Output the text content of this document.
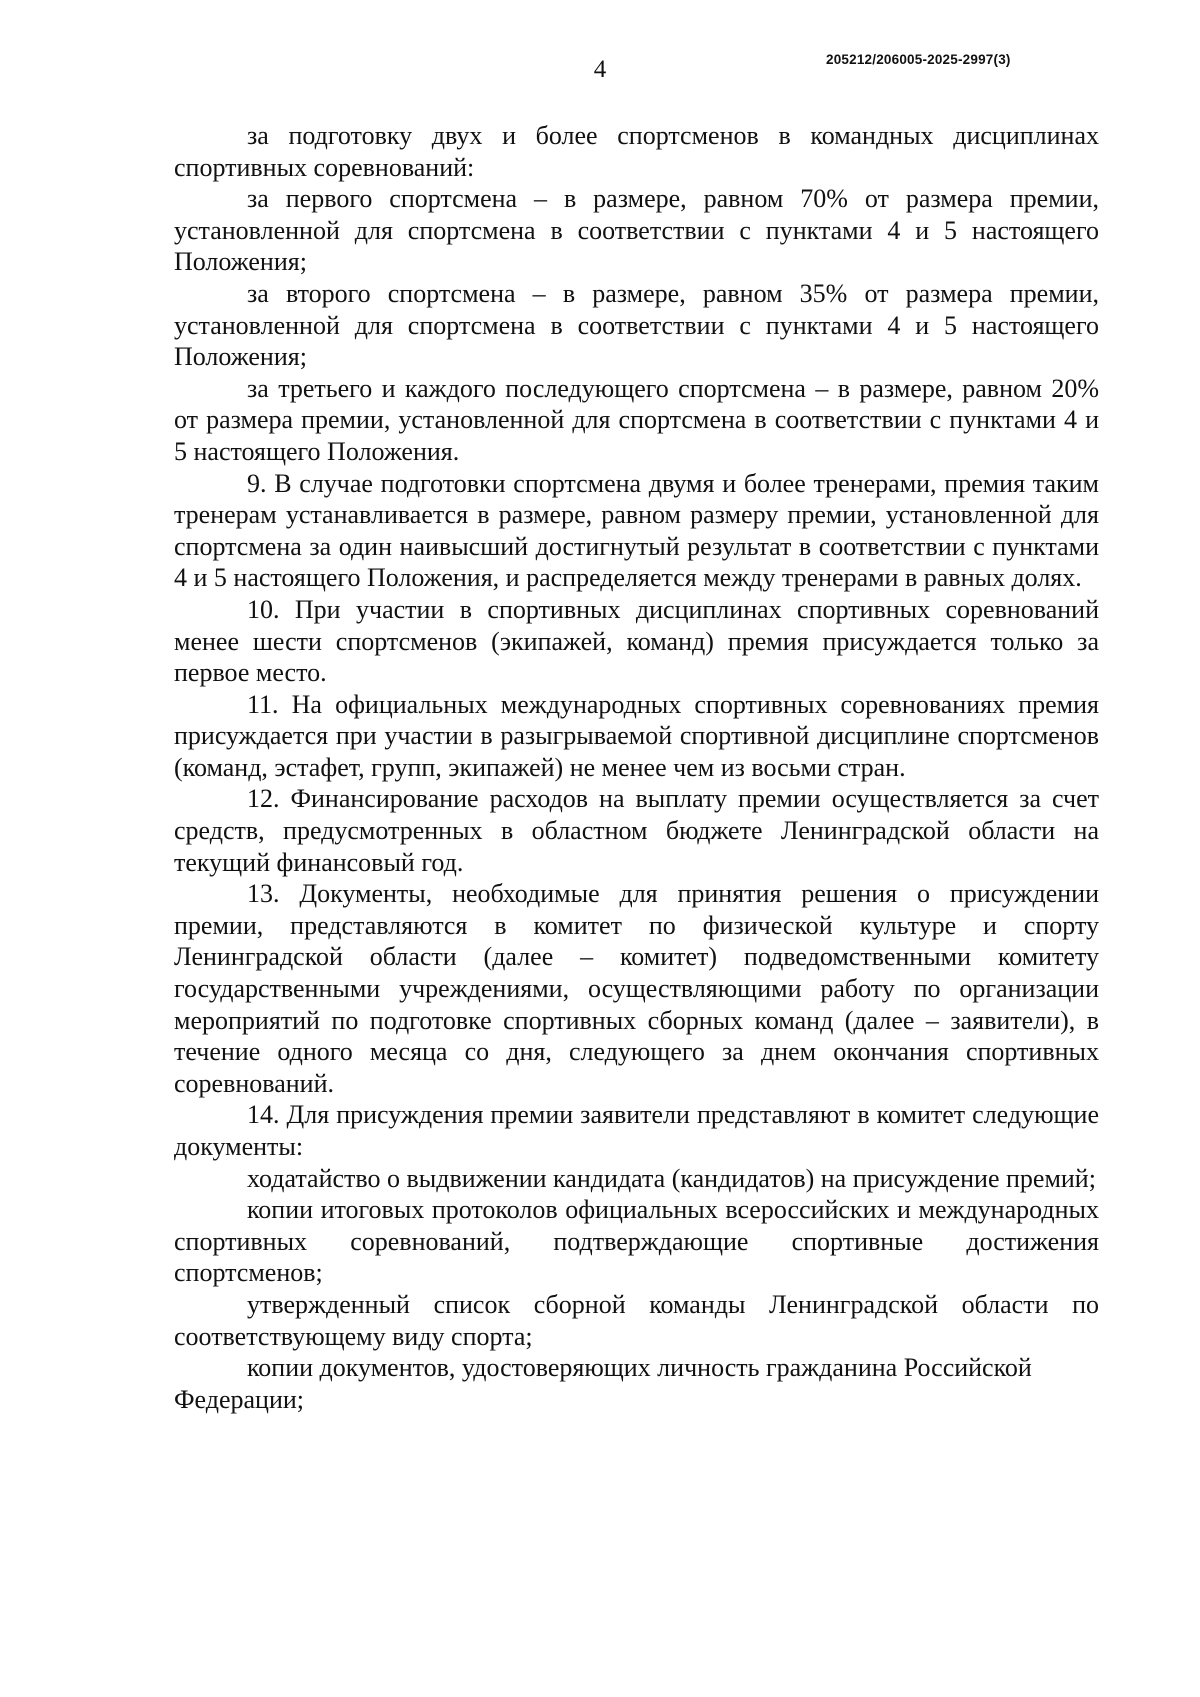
4	205212/206005-2025-2997(3)

за подготовку двух и более спортсменов в командных дисциплинах спортивных соревнований:

за первого спортсмена – в размере, равном 70% от размера премии, установленной для спортсмена в соответствии с пунктами 4 и 5 настоящего Положения;

за второго спортсмена – в размере, равном 35% от размера премии, установленной для спортсмена в соответствии с пунктами 4 и 5 настоящего Положения;

за третьего и каждого последующего спортсмена – в размере, равном 20% от размера премии, установленной для спортсмена в соответствии с пунктами 4 и 5 настоящего Положения.

9. В случае подготовки спортсмена двумя и более тренерами, премия таким тренерам устанавливается в размере, равном размеру премии, установленной для спортсмена за один наивысший достигнутый результат в соответствии с пунктами 4 и 5 настоящего Положения, и распределяется между тренерами в равных долях.

10. При участии в спортивных дисциплинах спортивных соревнований менее шести спортсменов (экипажей, команд) премия присуждается только за первое место.

11. На официальных международных спортивных соревнованиях премия присуждается при участии в разыгрываемой спортивной дисциплине спортсменов (команд, эстафет, групп, экипажей) не менее чем из восьми стран.

12. Финансирование расходов на выплату премии осуществляется за счет средств, предусмотренных в областном бюджете Ленинградской области на текущий финансовый год.

13. Документы, необходимые для принятия решения о присуждении премии, представляются в комитет по физической культуре и спорту Ленинградской области (далее – комитет) подведомственными комитету государственными учреждениями, осуществляющими работу по организации мероприятий по подготовке спортивных сборных команд (далее – заявители), в течение одного месяца со дня, следующего за днем окончания спортивных соревнований.

14. Для присуждения премии заявители представляют в комитет следующие документы:

ходатайство о выдвижении кандидата (кандидатов) на присуждение премий;

копии итоговых протоколов официальных всероссийских и международных спортивных соревнований, подтверждающие спортивные достижения спортсменов;

утвержденный список сборной команды Ленинградской области по соответствующему виду спорта;

копии документов, удостоверяющих личность гражданина Российской Федерации;
